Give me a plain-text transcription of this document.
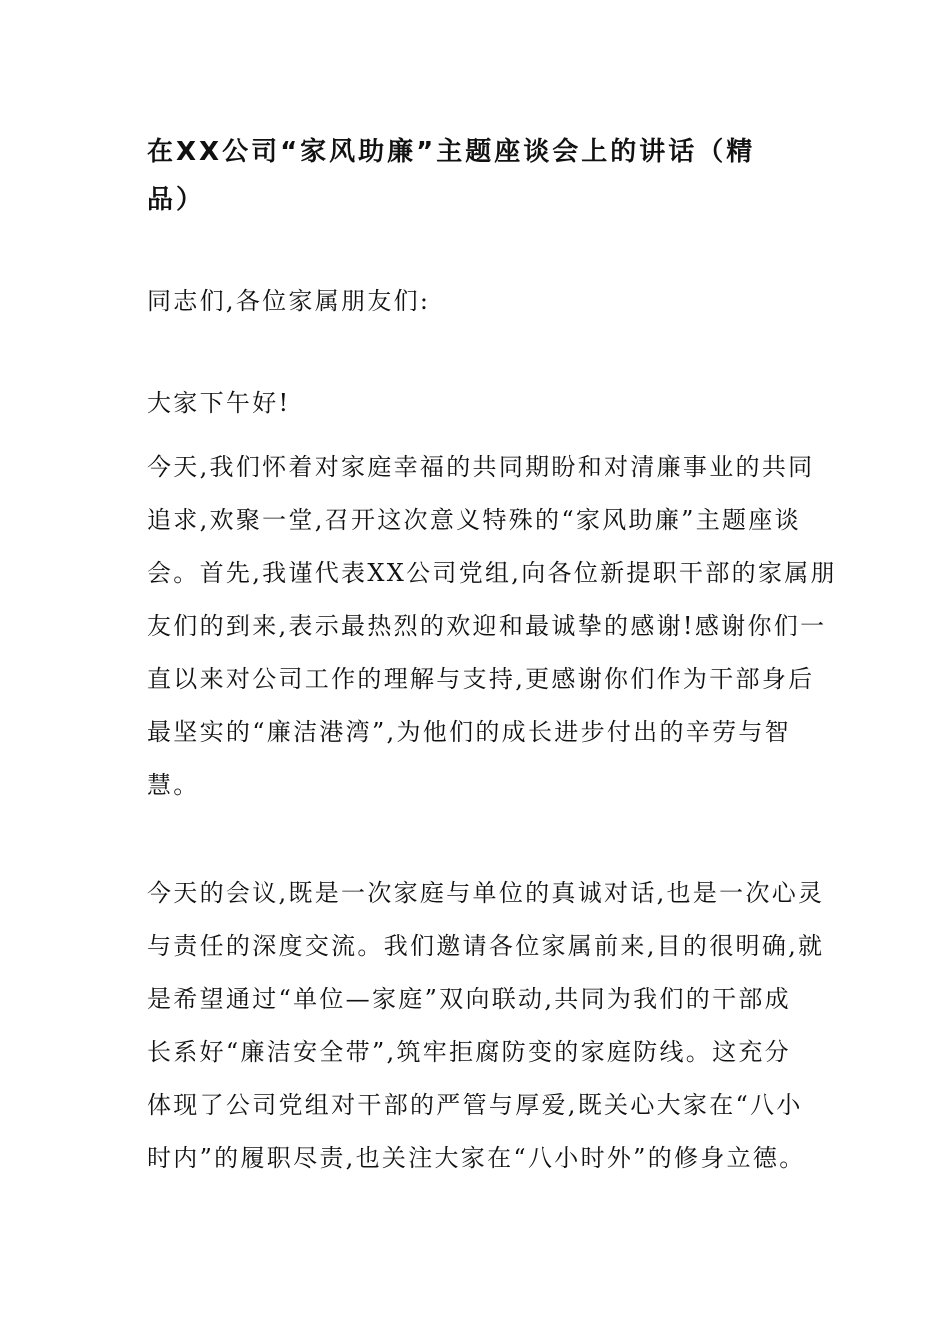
在XX公司“家风助廉”主题座谈会上的讲话（精
品）
同志们,各位家属朋友们:
大家下午好!
今天,我们怀着对家庭幸福的共同期盼和对清廉事业的共同
追求,欢聚一堂,召开这次意义特殊的“家风助廉”主题座谈
会。首先,我谨代表XX公司党组,向各位新提职干部的家属朋
友们的到来,表示最热烈的欢迎和最诚挚的感谢!感谢你们一
直以来对公司工作的理解与支持,更感谢你们作为干部身后
最坚实的“廉洁港湾”,为他们的成长进步付出的辛劳与智
慧。
今天的会议,既是一次家庭与单位的真诚对话,也是一次心灵
与责任的深度交流。我们邀请各位家属前来,目的很明确,就
是希望通过“单位—家庭”双向联动,共同为我们的干部成
长系好“廉洁安全带”,筑牢拒腐防变的家庭防线。这充分
体现了公司党组对干部的严管与厚爱,既关心大家在“八小
时内”的履职尽责,也关注大家在“八小时外”的修身立德。
